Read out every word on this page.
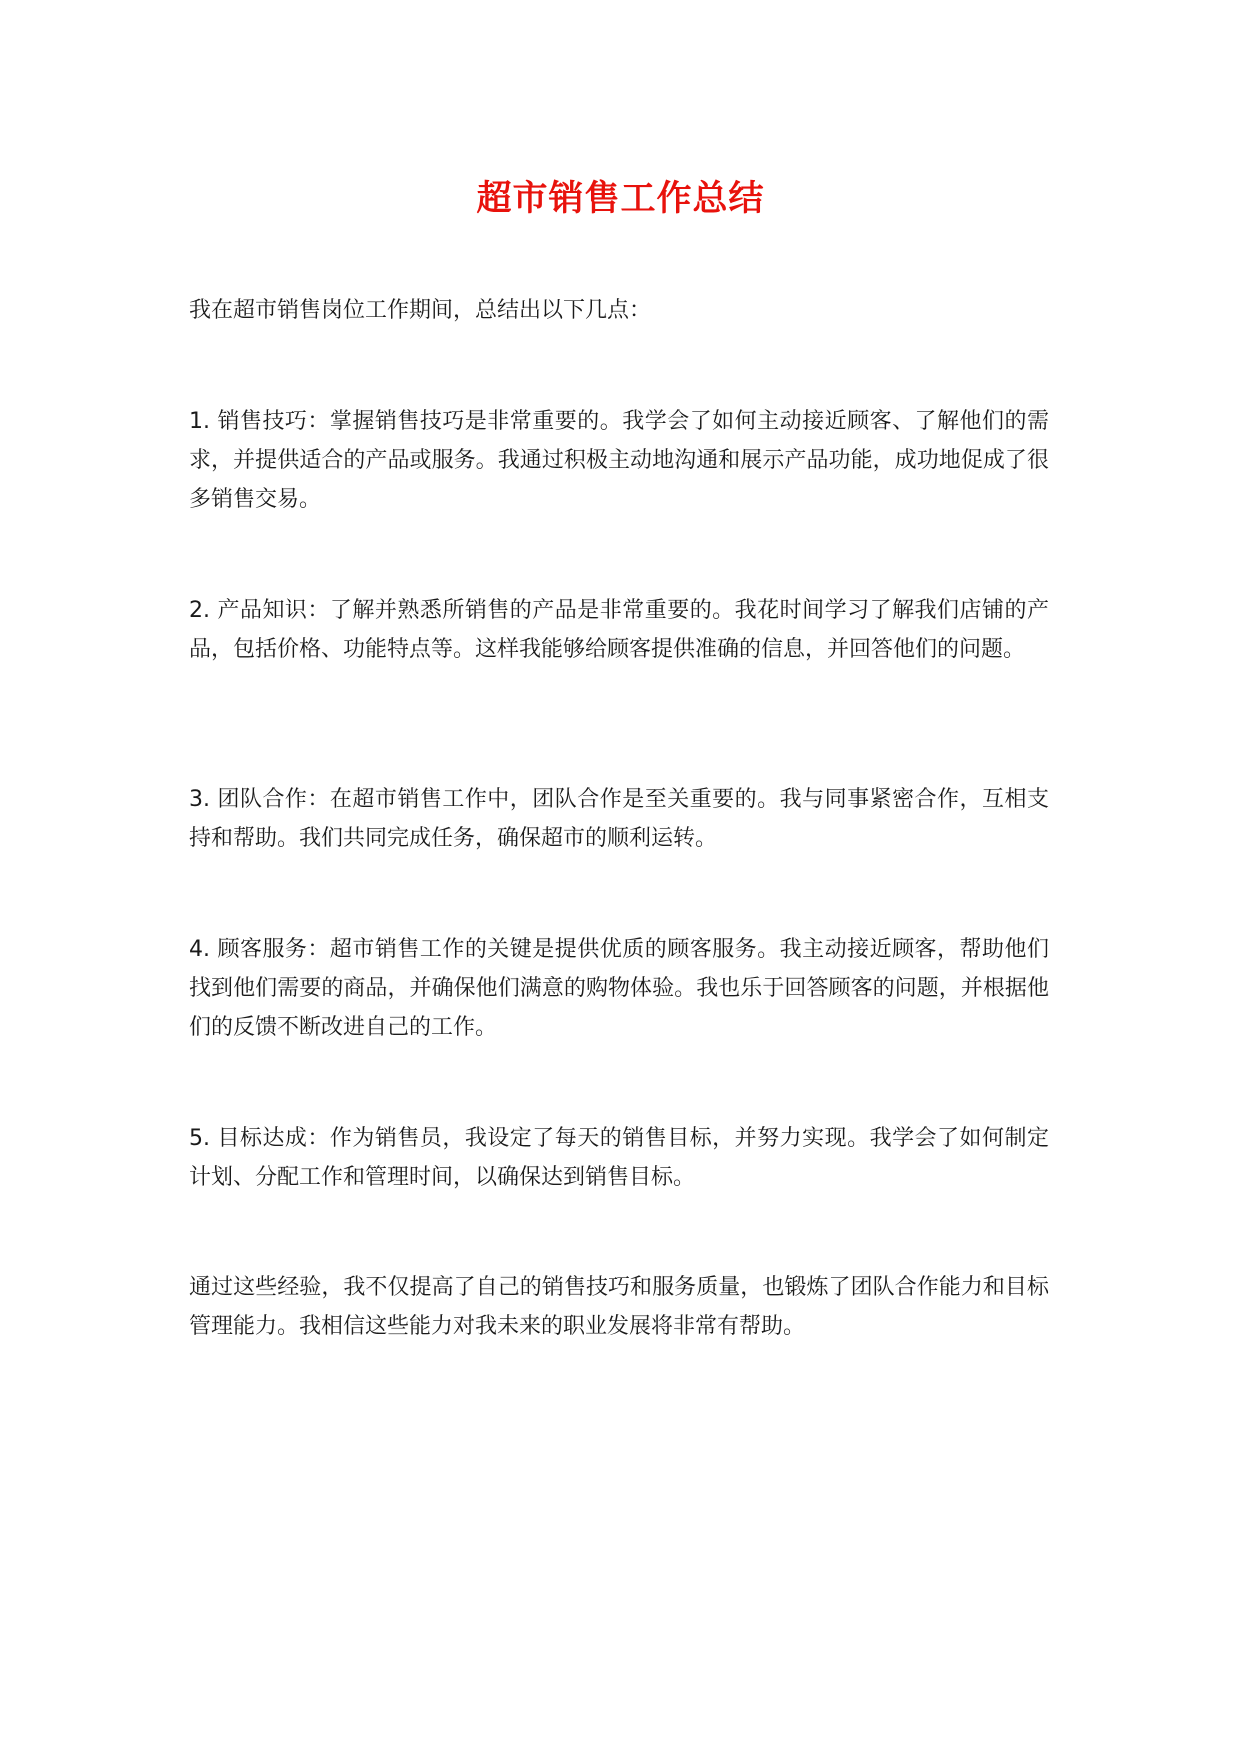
超市销售工作总结

我在超市销售岗位工作期间，总结出以下几点：

1. 销售技巧：掌握销售技巧是非常重要的。我学会了如何主动接近顾客、了解他们的需求，并提供适合的产品或服务。我通过积极主动地沟通和展示产品功能，成功地促成了很多销售交易。

2. 产品知识：了解并熟悉所销售的产品是非常重要的。我花时间学习了解我们店铺的产品，包括价格、功能特点等。这样我能够给顾客提供准确的信息，并回答他们的问题。

3. 团队合作：在超市销售工作中，团队合作是至关重要的。我与同事紧密合作，互相支持和帮助。我们共同完成任务，确保超市的顺利运转。

4. 顾客服务：超市销售工作的关键是提供优质的顾客服务。我主动接近顾客，帮助他们找到他们需要的商品，并确保他们满意的购物体验。我也乐于回答顾客的问题，并根据他们的反馈不断改进自己的工作。

5. 目标达成：作为销售员，我设定了每天的销售目标，并努力实现。我学会了如何制定计划、分配工作和管理时间，以确保达到销售目标。

通过这些经验，我不仅提高了自己的销售技巧和服务质量，也锻炼了团队合作能力和目标管理能力。我相信这些能力对我未来的职业发展将非常有帮助。
